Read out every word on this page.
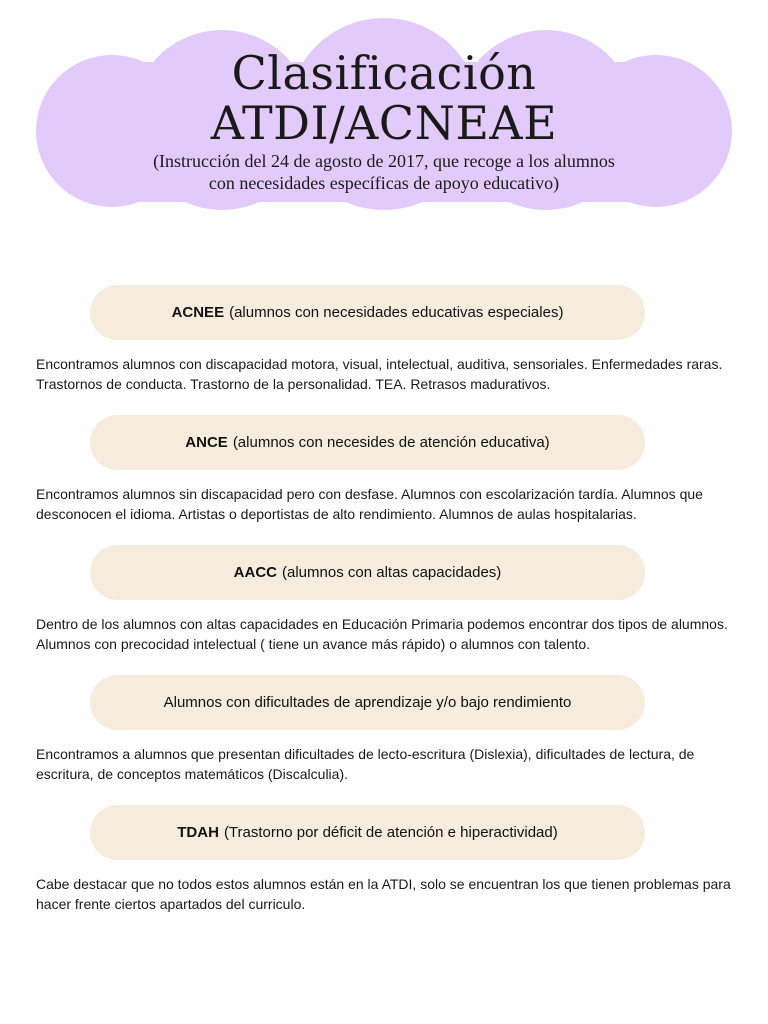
Clasificación
ATDI/ACNEAE
(Instrucción del 24 de agosto de 2017, que recoge a los alumnos
con necesidades específicas de apoyo educativo)
ACNEE (alumnos con necesidades educativas especiales)
Encontramos alumnos con discapacidad motora, visual, intelectual, auditiva, sensoriales. Enfermedades raras. Trastornos de conducta. Trastorno de la personalidad. TEA. Retrasos madurativos.
ANCE (alumnos con necesides de atención educativa)
Encontramos alumnos sin discapacidad pero con desfase. Alumnos con escolarización tardía. Alumnos que desconocen el idioma. Artistas o deportistas de alto rendimiento. Alumnos de aulas hospitalarias.
AACC (alumnos con altas capacidades)
Dentro de los alumnos con altas capacidades en Educación Primaria podemos encontrar dos tipos de alumnos. Alumnos con precocidad intelectual ( tiene un avance más rápido) o alumnos con talento.
Alumnos con dificultades de aprendizaje y/o bajo rendimiento
Encontramos a alumnos que presentan dificultades de lecto-escritura (Dislexia), dificultades de lectura, de escritura, de conceptos matemáticos (Discalculia).
TDAH (Trastorno por déficit de atención e hiperactividad)
Cabe destacar que no todos estos alumnos están en la ATDI, solo se encuentran los que tienen problemas para hacer frente ciertos apartados del curriculo.
